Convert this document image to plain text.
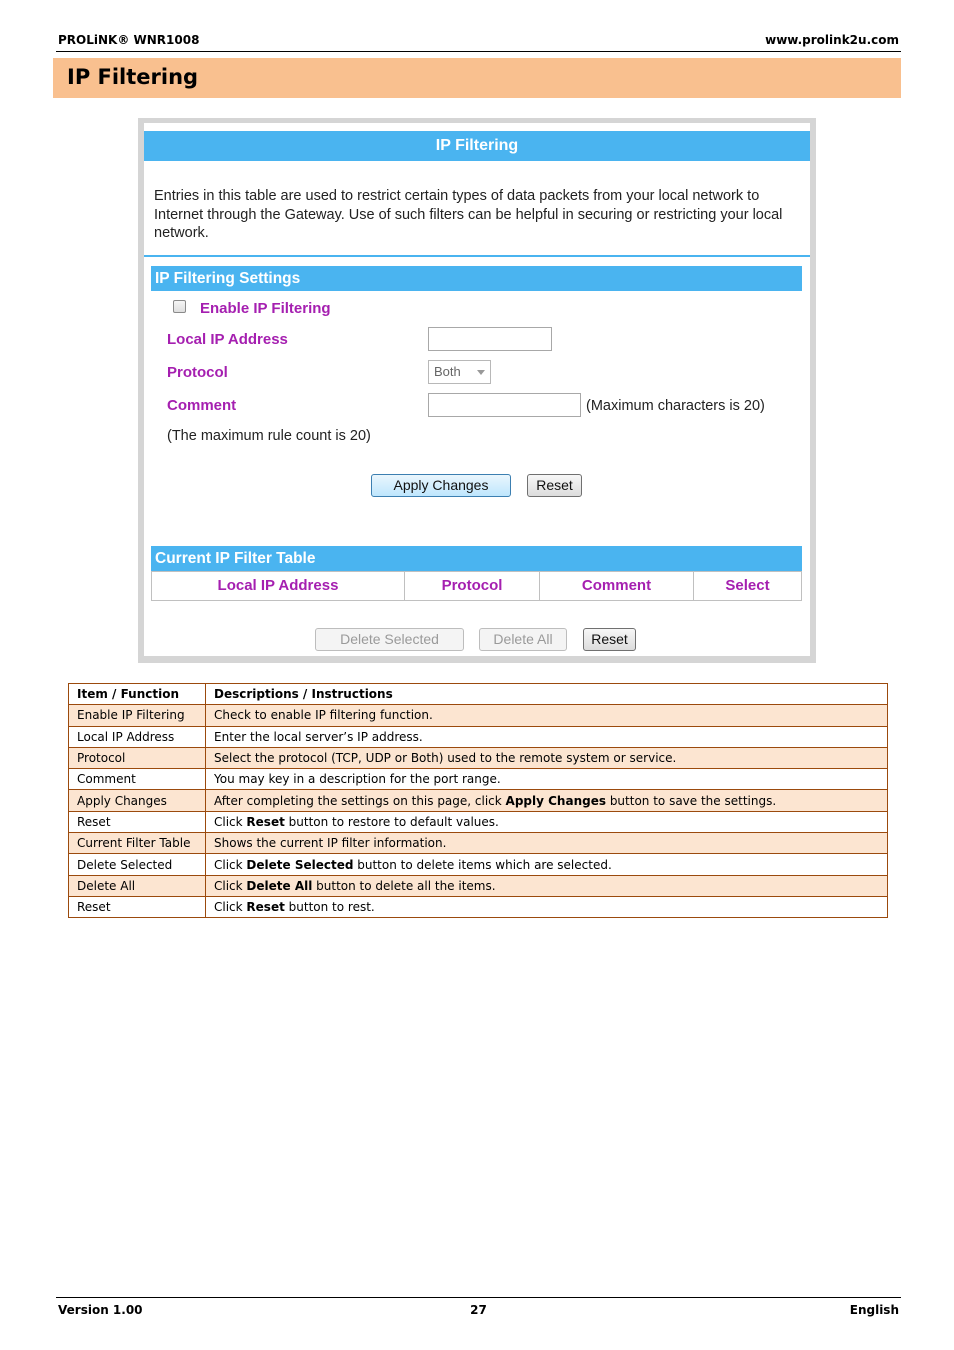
PROLiNK® WNR1008	www.prolink2u.com
IP Filtering
IP Filtering
Entries in this table are used to restrict certain types of data packets from your local network to Internet through the Gateway. Use of such filters can be helpful in securing or restricting your local network.
IP Filtering Settings
Enable IP Filtering
Local IP Address
Protocol	Both
Comment	(Maximum characters is 20)
(The maximum rule count is 20)
Apply Changes	Reset
Current IP Filter Table
Local IP Address	Protocol	Comment	Select
Delete Selected	Delete All	Reset
Item / Function	Descriptions / Instructions
Enable IP Filtering	Check to enable IP filtering function.
Local IP Address	Enter the local server’s IP address.
Protocol	Select the protocol (TCP, UDP or Both) used to the remote system or service.
Comment	You may key in a description for the port range.
Apply Changes	After completing the settings on this page, click Apply Changes button to save the settings.
Reset	Click Reset button to restore to default values.
Current Filter Table	Shows the current IP filter information.
Delete Selected	Click Delete Selected button to delete items which are selected.
Delete All	Click Delete All button to delete all the items.
Reset	Click Reset button to rest.
Version 1.00	27	English
